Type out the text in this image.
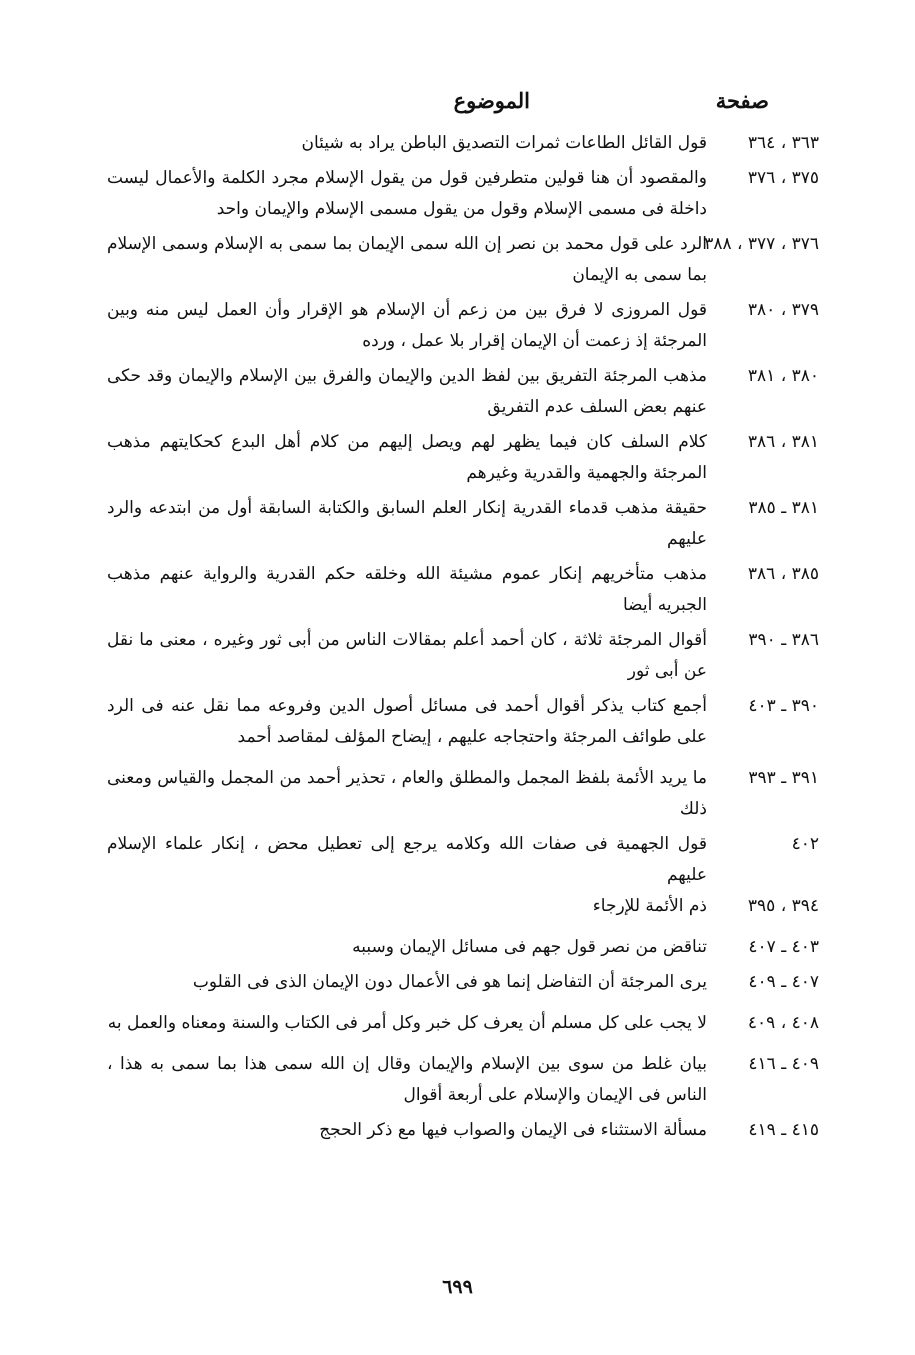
صفحة

الموضوع

٣٦٣ ، ٣٦٤
قول القائل الطاعات ثمرات التصديق الباطن يراد به شيئان
٣٧٥ ، ٣٧٦
والمقصود أن هنا قولين متطرفين قول من يقول الإسلام مجرد الكلمة والأعمال ليست داخلة فى مسمى الإسلام وقول من يقول مسمى الإسلام والإيمان واحد
٣٧٦ ، ٣٧٧ ، ٣٨٨
الرد على قول محمد بن نصر إن الله سمى الإيمان بما سمى به الإسلام وسمى الإسلام بما سمى به الإيمان
٣٧٩ ، ٣٨٠
قول المروزى لا فرق بين من زعم أن الإسلام هو الإقرار وأن العمل ليس منه وبين المرجئة إذ زعمت أن الإيمان إقرار بلا عمل ، ورده
٣٨٠ ، ٣٨١
مذهب المرجئة التفريق بين لفظ الدين والإيمان والفرق بين الإسلام والإيمان وقد حكى عنهم بعض السلف عدم التفريق
٣٨١ ، ٣٨٦
كلام السلف كان فيما يظهر لهم ويصل إليهم من كلام أهل البدع كحكايتهم مذهب المرجئة والجهمية والقدرية وغيرهم
٣٨١ ـ ٣٨٥
حقيقة مذهب قدماء القدرية إنكار العلم السابق والكتابة السابقة أول من ابتدعه والرد عليهم
٣٨٥ ، ٣٨٦
مذهب متأخريهم إنكار عموم مشيئة الله وخلقه حكم القدرية والرواية عنهم مذهب الجبريه أيضا
٣٨٦ ـ ٣٩٠
أقوال المرجئة ثلاثة ، كان أحمد أعلم بمقالات الناس من أبى ثور وغيره ، معنى ما نقل عن أبى ثور
٣٩٠ ـ ٤٠٣
أجمع كتاب يذكر أقوال أحمد فى مسائل أصول الدين وفروعه مما نقل عنه فى الرد على طوائف المرجئة واحتجاجه عليهم ، إيضاح المؤلف لمقاصد أحمد
٣٩١ ـ ٣٩٣
ما يريد الأئمة بلفظ المجمل والمطلق والعام ، تحذير أحمد من المجمل والقياس ومعنى ذلك
٤٠٢
قول الجهمية فى صفات الله وكلامه يرجع إلى تعطيل محض ، إنكار علماء الإسلام عليهم
٣٩٤ ، ٣٩٥
ذم الأئمة للإرجاء
٤٠٣ ـ ٤٠٧
تناقض من نصر قول جهم فى مسائل الإيمان وسببه
٤٠٧ ـ ٤٠٩
يرى المرجئة أن التفاضل إنما هو فى الأعمال دون الإيمان الذى فى القلوب
٤٠٨ ، ٤٠٩
لا يجب على كل مسلم أن يعرف كل خبر وكل أمر فى الكتاب والسنة ومعناه والعمل به
٤٠٩ ـ ٤١٦
بيان غلط من سوى بين الإسلام والإيمان وقال إن الله سمى هذا بما سمى به هذا ، الناس فى الإيمان والإسلام على أربعة أقوال
٤١٥ ـ ٤١٩
مسألة الاستثناء فى الإيمان والصواب فيها مع ذكر الحجج

٦٩٩
